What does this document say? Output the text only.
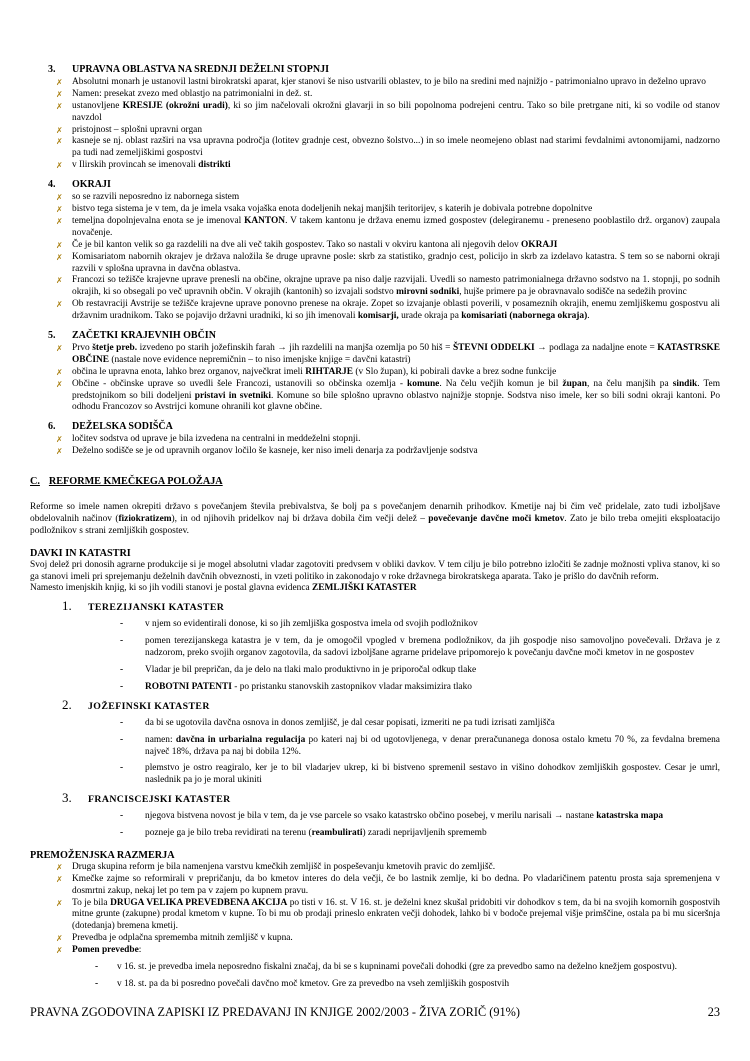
3.	UPRAVNA OBLASTVA NA SREDNJI DEŽELNI STOPNJI
✗ Absolutni monarh je ustanovil lastni birokratski aparat, kjer stanovi še niso ustvarili oblastev, to je bilo na sredini med najnižjo - patrimonialno upravo in deželno upravo
✗ Namen: presekat zvezo med oblastjo na patrimonialni in dež. st.
✗ ustanovljene KRESIJE (okrožni uradi), ki so jim načelovali okrožni glavarji in so bili popolnoma podrejeni centru. Tako so bile pretrgane niti, ki so vodile od stanov navzdol
✗ pristojnost – splošni upravni organ
✗ kasneje se nj. oblast razširi na vsa upravna področja (lotitev gradnje cest, obvezno šolstvo...) in so imele neomejeno oblast nad starimi fevdalnimi avtonomijami, nadzorno pa tudi nad zemeljiškimi gospostvi
✗ v Ilirskih provincah se imenovali distrikti
4.	OKRAJI
✗ so se razvili neposredno iz nabornega sistem
✗ bistvo tega sistema je v tem, da je imela vsaka vojaška enota dodeljenih nekaj manjših teritorijev, s katerih je dobivala potrebne dopolnitve
✗ temeljna dopolnjevalna enota se je imenoval KANTON. V takem kantonu je država enemu izmed gospostev (delegiranemu - preneseno pooblastilo drž. organov) zaupala novačenje.
✗ Če je bil kanton velik so ga razdelili na dve ali več takih gospostev. Tako so nastali v okviru kantona ali njegovih delov OKRAJI
✗ Komisariatom nabornih okrajev je država naložila še druge upravne posle: skrb za statistiko, gradnjo cest, policijo in skrb za izdelavo katastra. S tem so se naborni okraji razvili v splošna upravna in davčna oblastva.
✗ Francozi so težišče krajevne uprave prenesli na občine, okrajne uprave pa niso dalje razvijali. Uvedli so namesto patrimonialnega državno sodstvo na 1. stopnji, po sodnih okrajih, ki so obsegali po več upravnih občin. V okrajih (kantonih) so izvajali sodstvo mirovni sodniki, hujše primere pa je obravnavalo sodišče na sedežih provinc
✗ Ob restavraciji Avstrije se težišče krajevne uprave ponovno prenese na okraje. Zopet so izvajanje oblasti poverili, v posameznih okrajih, enemu zemljiškemu gospostvu ali državnim uradnikom. Tako se pojavijo državni uradniki, ki so jih imenovali komisarji, urade okraja pa komisariati (nabornega okraja).
5.	ZAČETKI KRAJEVNIH OBČIN
✗ Prvo štetje preb. izvedeno po starih jožefinskih farah → jih razdelili na manjša ozemlja po 50 hiš = ŠTEVNI ODDELKI → podlaga za nadaljne enote = KATASTRSKE OBČINE (nastale nove evidence nepremičnin – to niso imenjske knjige = davčni katastri)
✗ občina le upravna enota, lahko brez organov, največkrat imeli RIHTARJE (v Slo župan), ki pobirali davke a brez sodne funkcije
✗ Občine - občinske uprave so uvedli šele Francozi, ustanovili so občinska ozemlja - komune. Na čelu večjih komun je bil župan, na čelu manjših pa sindik. Tem predstojnikom so bili dodeljeni pristavi in svetniki. Komune so bile splošno upravno oblastvo najnižje stopnje. Sodstva niso imele, ker so bili sodni okraji kantoni. Po odhodu Francozov so Avstrijci komune ohranili kot glavne občine.
6.	DEŽELSKA SODIŠČA
✗ ločitev sodstva od uprave je bila izvedena na centralni in meddeželni stopnji.
✗ Deželno sodišče se je od upravnih organov ločilo še kasneje, ker niso imeli denarja za podržavljenje sodstva
C. REFORME KMEČKEGA POLOŽAJA

Reforme so imele namen okrepiti državo s povečanjem števila prebivalstva, še bolj pa s povečanjem denarnih prihodkov. Kmetije naj bi čim več pridelale, zato tudi izboljšave obdelovalnih načinov (fiziokratizem), in od njihovih pridelkov naj bi država dobila čim večji delež – povečevanje davčne moči kmetov. Zato je bilo treba omejiti eksploatacijo podložnikov s strani zemljiških gospostev.

DAVKI IN KATASTRI

Svoj delež pri donosih agrarne produkcije si je mogel absolutni vladar zagotoviti predvsem v obliki davkov. V tem cilju je bilo potrebno izločiti še zadnje možnosti vpliva stanov, ki so ga stanovi imeli pri sprejemanju deželnih davčnih obveznosti, in vzeti politiko in zakonodajo v roke državnega birokratskega aparata. Tako je prišlo do davčnih reform.

Namesto imenjskih knjig, ki so jih vodili stanovi je postal glavna evidenca ZEMLJIŠKI KATASTER

1.	TEREZIJANSKI KATASTER
-	v njem so evidentirali donose, ki so jih zemljiška gospostva imela od svojih podložnikov
-	pomen terezijanskega katastra je v tem, da je omogočil vpogled v bremena podložnikov, da jih gospodje niso samovoljno povečevali. Država je z nadzorom, preko svojih organov zagotovila, da sadovi izboljšane agrarne pridelave pripomorejo k povečanju davčne moči kmetov in ne gospostev
-	Vladar je bil prepričan, da je delo na tlaki malo produktivno in je priporočal odkup tlake
-	ROBOTNI PATENTI - po pristanku stanovskih zastopnikov vladar maksimizira tlako
2.	JOŽEFINSKI KATASTER
-	da bi se ugotovila davčna osnova in donos zemljišč, je dal cesar popisati, izmeriti ne pa tudi izrisati zamljišča
-	namen: davčna in urbarialna regulacija po kateri naj bi od ugotovljenega, v denar preračunanega donosa ostalo kmetu 70 %, za fevdalna bremena največ 18%, država pa naj bi dobila 12%.
-	plemstvo je ostro reagiralo, ker je to bil vladarjev ukrep, ki bi bistveno spremenil sestavo in višino dohodkov zemljiških gospostev. Cesar je umrl, naslednik pa jo je moral ukiniti
3.	FRANCISCEJSKI KATASTER
-	njegova bistvena novost je bila v tem, da je vse parcele so vsako katastrsko občino posebej, v merilu narisali → nastane katastrska mapa
-	pozneje ga je bilo treba revidirati na terenu (reambulirati) zaradi neprijavljenih sprememb
PREMOŽENJSKA RAZMERJA
✗ Druga skupina reform je bila namenjena varstvu kmečkih zemljišč in pospeševanju kmetovih pravic do zemljišč.
✗ Kmečke zajme so reformirali v prepričanju, da bo kmetov interes do dela večji, če bo lastnik zemlje, ki bo dedna. Po vladaričinem patentu prosta saja spremenjena v dosmrtni zakup, nekaj let po tem pa v zajem po kupnem pravu.
✗ To je bila DRUGA VELIKA PREVEDBENA AKCIJA po tisti v 16. st. V 16. st. je deželni knez skušal pridobiti vir dohodkov s tem, da bi na svojih komornih gospostvih mitne grunte (zakupne) prodal kmetom v kupne. To bi mu ob prodaji prineslo enkraten večji dohodek, lahko bi v bodoče prejemal višje primščine, ostala pa bi mu siceršnja (dotedanja) bremena kmetij.
✗ Prevedba je odplačna sprememba mitnih zemljišč v kupna.
✗ Pomen prevedbe:
-	v 16. st. je prevedba imela neposredno fiskalni značaj, da bi se s kupninami povečali dohodki (gre za prevedbo samo na deželno knežjem gospostvu).
-	v 18. st. pa da bi posredno povečali davčno moč kmetov. Gre za prevedbo na vseh zemljiških gospostvih
PRAVNA ZGODOVINA ZAPISKI IZ PREDAVANJ IN KNJIGE 2002/2003 - ŽIVA ZORIČ (91%)	23
